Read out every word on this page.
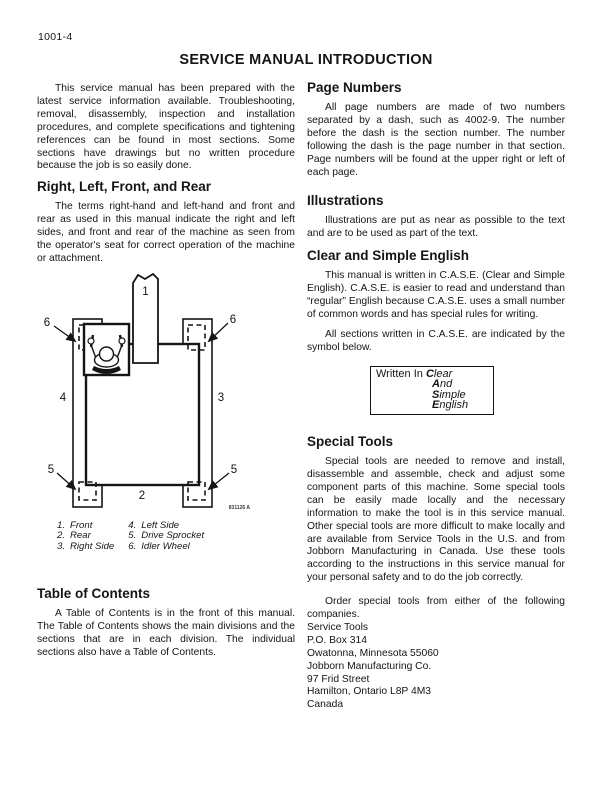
1001-4
SERVICE MANUAL INTRODUCTION

This service manual has been prepared with the latest service information available. Troubleshooting, removal, disassembly, inspection and installation procedures, and complete specifications and tightening references can be found in most sections. Some sections have drawings but no written procedure because the job is so easily done.

Right, Left, Front, and Rear

The terms right-hand and left-hand and front and rear as used in this manual indicate the right and left sides, and front and rear of the machine as seen from the operator's seat for correct operation of the machine or attachment.

1
2
3
4
5	5
6	6
831126 A
1. Front
2. Rear
3. Right Side
4. Left Side
5. Drive Sprocket
6. Idler Wheel
Table of Contents

A Table of Contents is in the front of this manual. The Table of Contents shows the main divisions and the sections that are in each division. The individual sections also have a Table of Contents.

Page Numbers

All page numbers are made of two numbers separated by a dash, such as 4002-9. The number before the dash is the section number. The number following the dash is the page number in that section. Page numbers will be found at the upper right or left of each page.

Illustrations

Illustrations are put as near as possible to the text and are to be used as part of the text.

Clear and Simple English

This manual is written in C.A.S.E. (Clear and Simple English). C.A.S.E. is easier to read and understand than “regular” English because C.A.S.E. uses a small number of common words and has special rules for writing.

All sections written in C.A.S.E. are indicated by the symbol below.

Written In Clear
And
Simple
English
Special Tools

Special tools are needed to remove and install, disassemble and assemble, check and adjust some component parts of this machine. Some special tools can be easily made locally and the necessary information to make the tool is in this service manual. Other special tools are more difficult to make locally and are available from Service Tools in the U.S. and from Jobborn Manufacturing in Canada. Use these tools according to the instructions in this service manual for your personal safety and to do the job correctly.

Order special tools from either of the following companies.

Service Tools
P.O. Box 314
Owatonna, Minnesota 55060
Jobborn Manufacturing Co.
97 Frid Street
Hamilton, Ontario L8P 4M3
Canada
